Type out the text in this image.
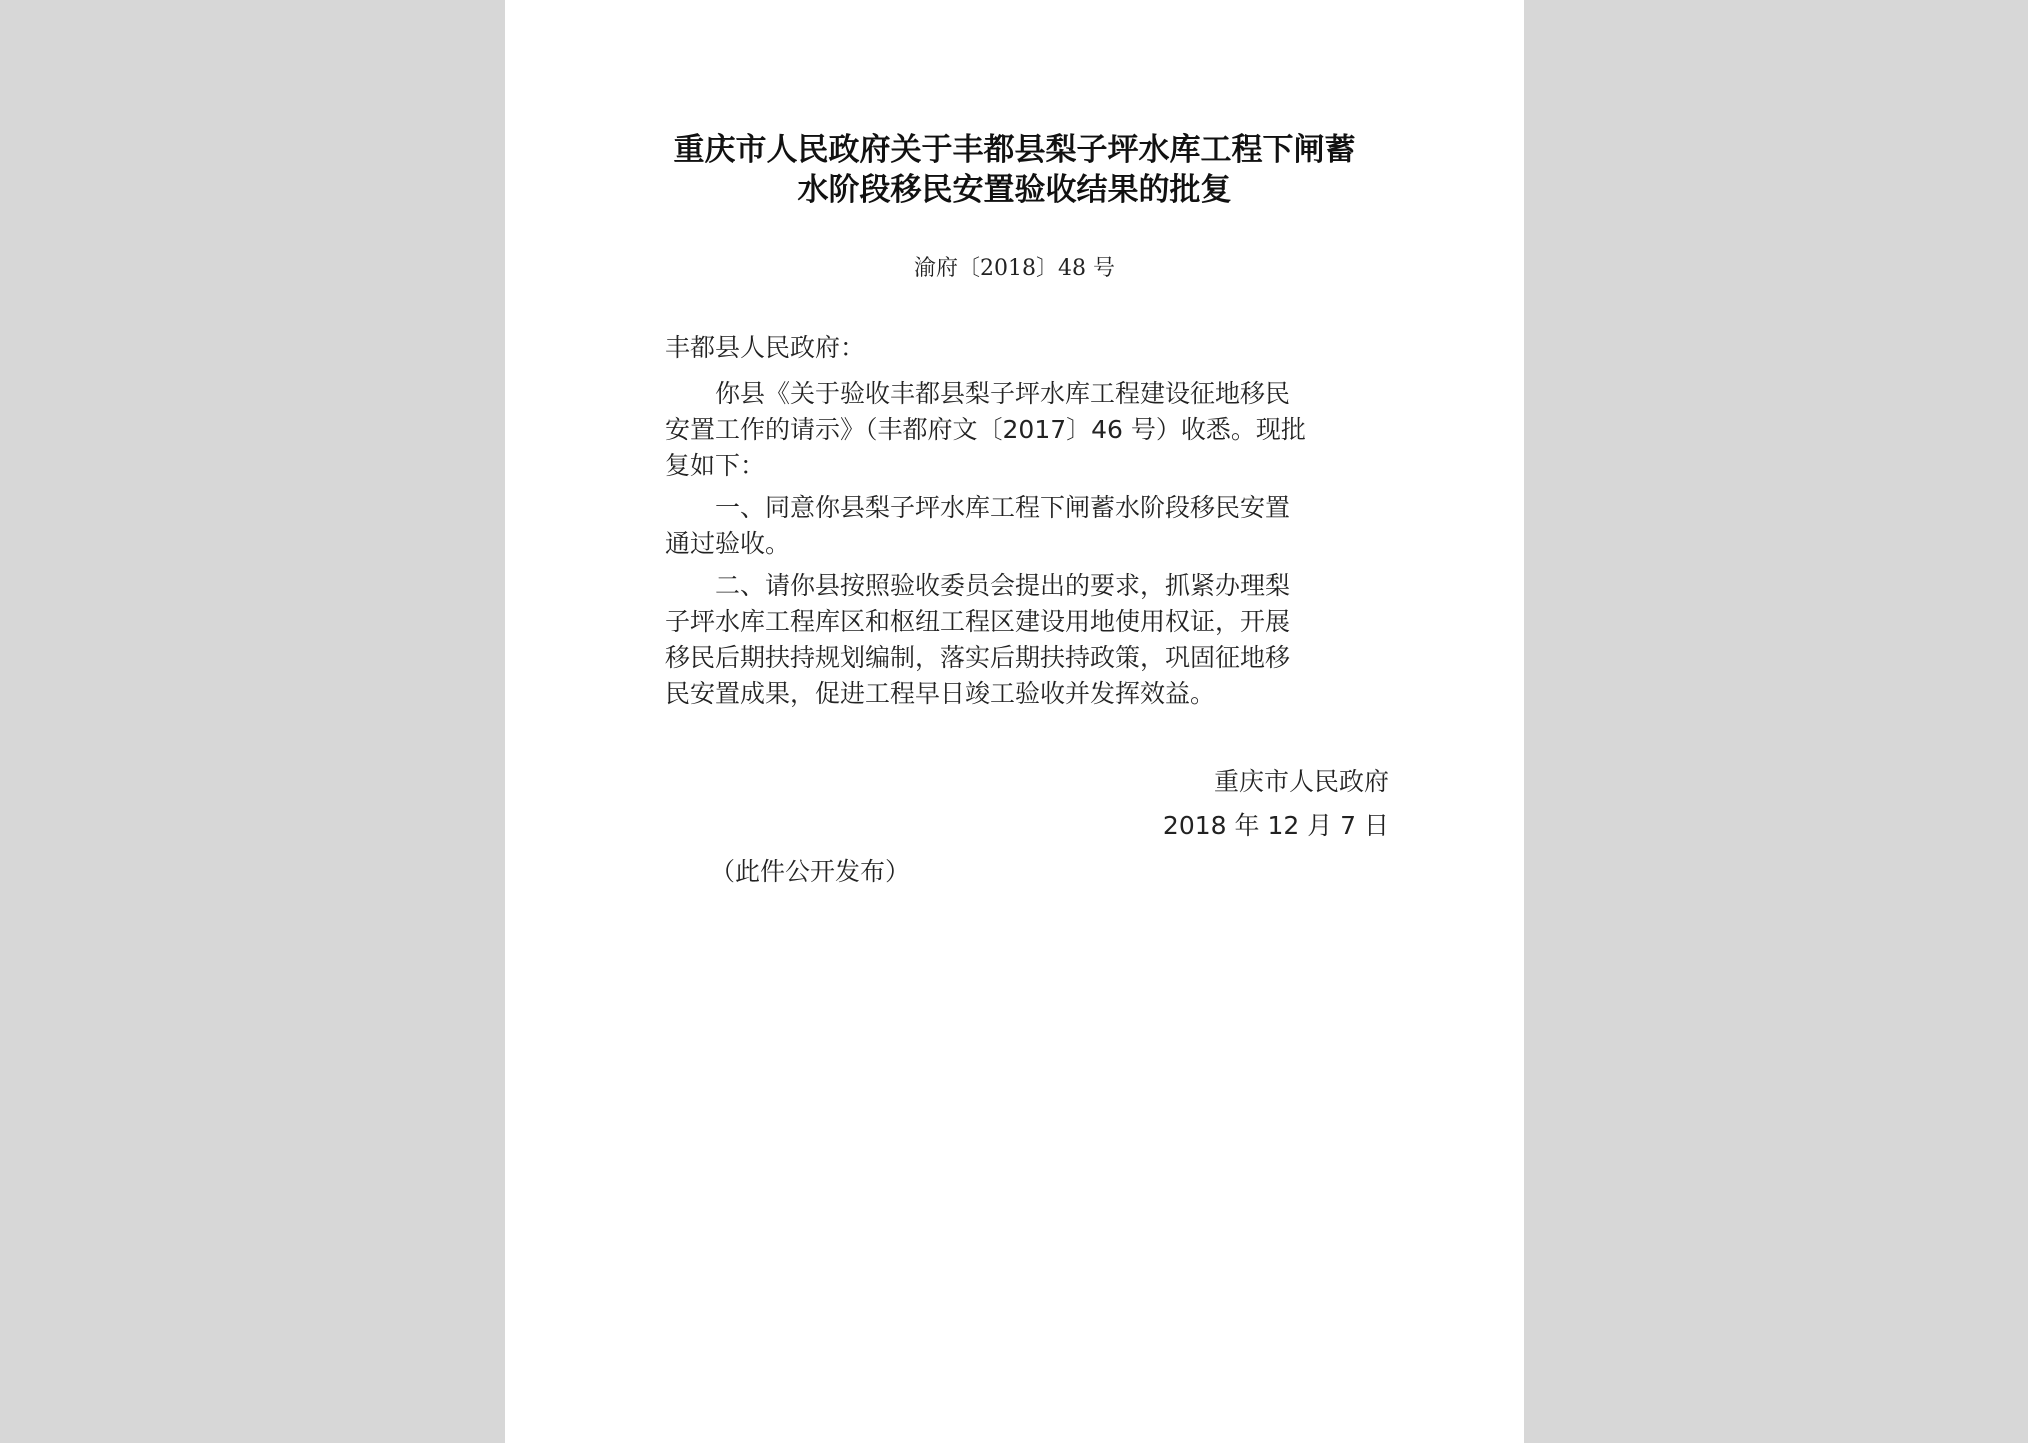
重庆市人民政府关于丰都县梨子坪水库工程下闸蓄
水阶段移民安置验收结果的批复
渝府〔2018〕48 号
丰都县人民政府：
你县《关于验收丰都县梨子坪水库工程建设征地移民
安置工作的请示》（丰都府文〔2017〕46 号）收悉。现批
复如下：
一、同意你县梨子坪水库工程下闸蓄水阶段移民安置
通过验收。
二、请你县按照验收委员会提出的要求，抓紧办理梨
子坪水库工程库区和枢纽工程区建设用地使用权证，开展
移民后期扶持规划编制，落实后期扶持政策，巩固征地移
民安置成果，促进工程早日竣工验收并发挥效益。
重庆市人民政府
2018 年 12 月 7 日
（此件公开发布）
